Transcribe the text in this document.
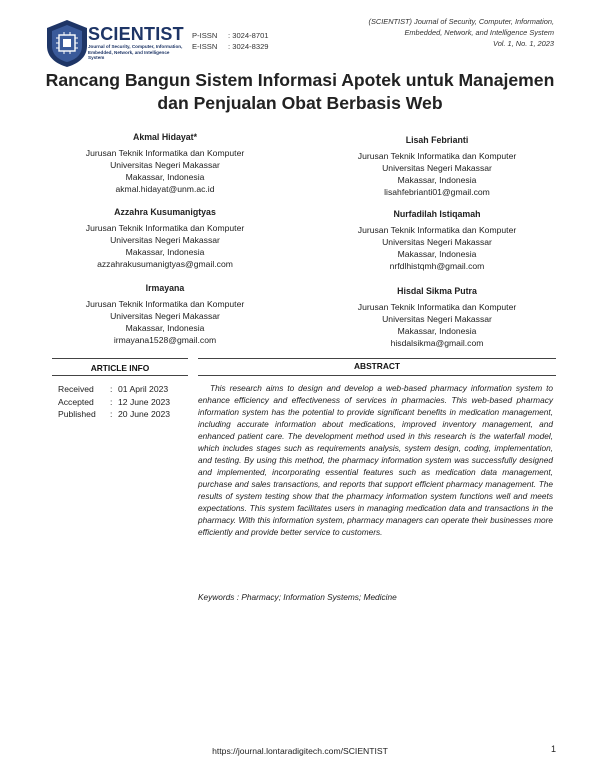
SCIENTIST
Journal of Security, Computer, Information, Embedded, Network, and Intelligence System
P-ISSN	: 3024-8701
E-ISSN	: 3024-8329
(SCIENTIST) Journal of Security, Computer, Information,
Embedded, Network, and Intelligence System
Vol. 1, No. 1, 2023
Rancang Bangun Sistem Informasi Apotek untuk Manajemen
dan Penjualan Obat Berbasis Web
Akmal Hidayat*
Jurusan Teknik Informatika dan Komputer
Universitas Negeri Makassar
Makassar, Indonesia
akmal.hidayat@unm.ac.id
Azzahra Kusumanigtyas
Jurusan Teknik Informatika dan Komputer
Universitas Negeri Makassar
Makassar, Indonesia
azzahrakusumanigtyas@gmail.com
Irmayana
Jurusan Teknik Informatika dan Komputer
Universitas Negeri Makassar
Makassar, Indonesia
irmayana1528@gmail.com
Lisah Febrianti
Jurusan Teknik Informatika dan Komputer
Universitas Negeri Makassar
Makassar, Indonesia
lisahfebrianti01@gmail.com
Nurfadilah Istiqamah
Jurusan Teknik Informatika dan Komputer
Universitas Negeri Makassar
Makassar, Indonesia
nrfdlhistqmh@gmail.com
Hisdal Sikma Putra
Jurusan Teknik Informatika dan Komputer
Universitas Negeri Makassar
Makassar, Indonesia
hisdalsikma@gmail.com
ARTICLE INFO	ABSTRACT
Received	: 01 April 2023
Accepted	: 12 June 2023
Published	: 20 June 2023
This research aims to design and develop a web-based pharmacy information system to enhance efficiency and effectiveness of services in pharmacies. This web-based pharmacy information system has the potential to provide significant benefits in medication management, including accurate information about medications, improved inventory management, and enhanced patient care. The development method used in this research is the waterfall model, which includes stages such as requirements analysis, system design, coding, implementation, and testing. By using this method, the pharmacy information system was successfully designed and implemented, incorporating essential features such as medication data management, purchase and sales transactions, and reports that support efficient pharmacy management. The results of system testing show that the pharmacy information system functions well and meets expectations. This system facilitates users in managing medication data and transactions in the pharmacy. With this information system, pharmacy managers can operate their businesses more efficiently and provide better service to customers.
Keywords : Pharmacy; Information Systems; Medicine
https://journal.lontaradigitech.com/SCIENTIST	1
